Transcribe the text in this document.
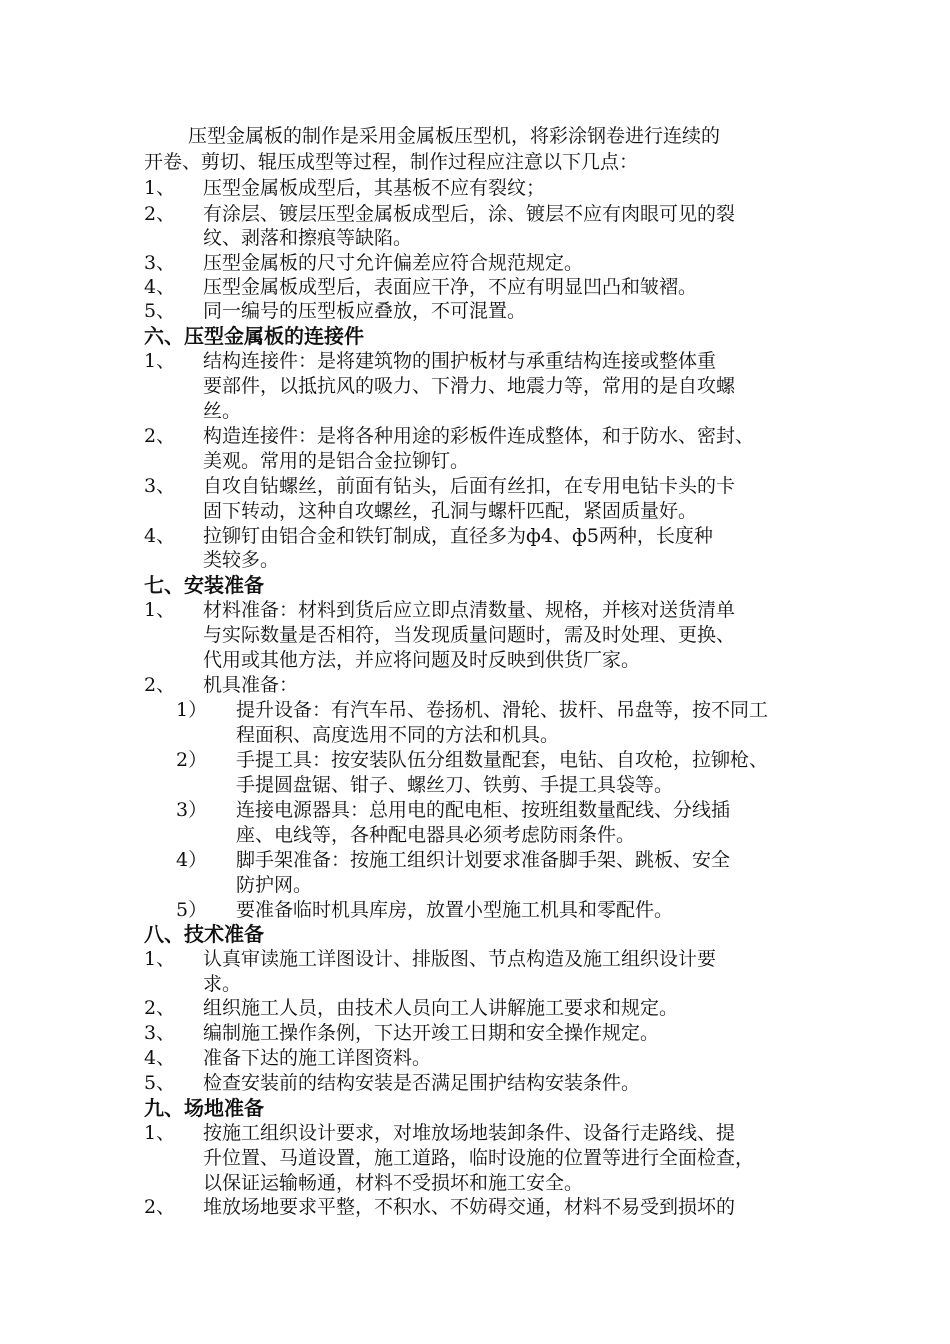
压型金属板的制作是采用金属板压型机，将彩涂钢卷进行连续的
开卷、剪切、辊压成型等过程，制作过程应注意以下几点：
1、 压型金属板成型后，其基板不应有裂纹；
2、 有涂层、镀层压型金属板成型后，涂、镀层不应有肉眼可见的裂
纹、剥落和擦痕等缺陷。
3、 压型金属板的尺寸允许偏差应符合规范规定。
4、 压型金属板成型后，表面应干净，不应有明显凹凸和皱褶。
5、 同一编号的压型板应叠放，不可混置。
六、压型金属板的连接件
1、 结构连接件：是将建筑物的围护板材与承重结构连接或整体重
要部件，以抵抗风的吸力、下滑力、地震力等，常用的是自攻螺
丝。
2、 构造连接件：是将各种用途的彩板件连成整体，和于防水、密封、
美观。常用的是铝合金拉铆钉。
3、 自攻自钻螺丝，前面有钻头，后面有丝扣，在专用电钻卡头的卡
固下转动，这种自攻螺丝，孔洞与螺杆匹配，紧固质量好。
4、 拉铆钉由铝合金和铁钉制成，直径多为ф4、ф5两种，长度种
类较多。
七、安装准备
1、 材料准备：材料到货后应立即点清数量、规格，并核对送货清单
与实际数量是否相符，当发现质量问题时，需及时处理、更换、
代用或其他方法，并应将问题及时反映到供货厂家。
2、 机具准备：
1） 提升设备：有汽车吊、卷扬机、滑轮、拔杆、吊盘等，按不同工
程面积、高度选用不同的方法和机具。
2） 手提工具：按安装队伍分组数量配套，电钻、自攻枪，拉铆枪、
手提圆盘锯、钳子、螺丝刀、铁剪、手提工具袋等。
3） 连接电源器具：总用电的配电柜、按班组数量配线、分线插
座、电线等，各种配电器具必须考虑防雨条件。
4） 脚手架准备：按施工组织计划要求准备脚手架、跳板、安全
防护网。
5） 要准备临时机具库房，放置小型施工机具和零配件。
八、技术准备
1、 认真审读施工详图设计、排版图、节点构造及施工组织设计要
求。
2、 组织施工人员，由技术人员向工人讲解施工要求和规定。
3、 编制施工操作条例，下达开竣工日期和安全操作规定。
4、 准备下达的施工详图资料。
5、 检查安装前的结构安装是否满足围护结构安装条件。
九、场地准备
1、 按施工组织设计要求，对堆放场地装卸条件、设备行走路线、提
升位置、马道设置，施工道路，临时设施的位置等进行全面检查，
以保证运输畅通，材料不受损坏和施工安全。
2、 堆放场地要求平整，不积水、不妨碍交通，材料不易受到损坏的
